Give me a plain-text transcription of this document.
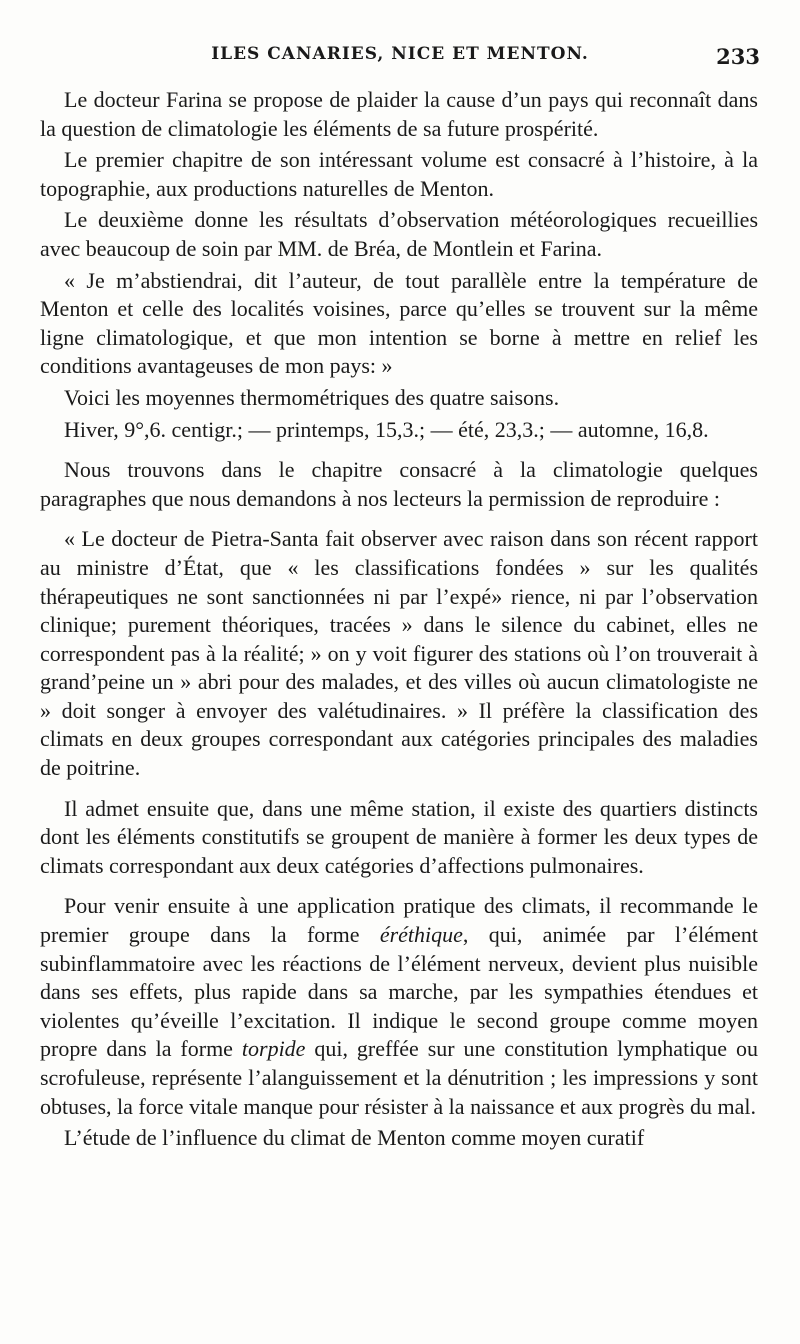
ILES CANARIES, NICE ET MENTON.	233

Le docteur Farina se propose de plaider la cause d’un pays qui reconnaît dans la question de climatologie les éléments de sa future prospérité.

Le premier chapitre de son intéressant volume est consacré à l’histoire, à la topographie, aux productions naturelles de Menton.

Le deuxième donne les résultats d’observation météorologiques recueillies avec beaucoup de soin par MM. de Bréa, de Montlein et Farina.

« Je m’abstiendrai, dit l’auteur, de tout parallèle entre la température de Menton et celle des localités voisines, parce qu’elles se trouvent sur la même ligne climatologique, et que mon intention se borne à mettre en relief les conditions avantageuses de mon pays: »

Voici les moyennes thermométriques des quatre saisons.

Hiver, 9°,6. centigr.; — printemps, 15,3.; — été, 23,3.; — automne, 16,8.

Nous trouvons dans le chapitre consacré à la climatologie quelques paragraphes que nous demandons à nos lecteurs la permission de reproduire :

« Le docteur de Pietra-Santa fait observer avec raison dans son récent rapport au ministre d’État, que « les classifications fondées » sur les qualités thérapeutiques ne sont sanctionnées ni par l’expé» rience, ni par l’observation clinique; purement théoriques, tracées » dans le silence du cabinet, elles ne correspondent pas à la réalité; » on y voit figurer des stations où l’on trouverait à grand’peine un » abri pour des malades, et des villes où aucun climatologiste ne » doit songer à envoyer des valétudinaires. » Il préfère la classification des climats en deux groupes correspondant aux catégories principales des maladies de poitrine.

Il admet ensuite que, dans une même station, il existe des quartiers distincts dont les éléments constitutifs se groupent de manière à former les deux types de climats correspondant aux deux catégories d’affections pulmonaires.

Pour venir ensuite à une application pratique des climats, il recommande le premier groupe dans la forme éréthique, qui, animée par l’élément subinflammatoire avec les réactions de l’élément nerveux, devient plus nuisible dans ses effets, plus rapide dans sa marche, par les sympathies étendues et violentes qu’éveille l’excitation. Il indique le second groupe comme moyen propre dans la forme torpide qui, greffée sur une constitution lymphatique ou scrofuleuse, représente l’alanguissement et la dénutrition ; les impressions y sont obtuses, la force vitale manque pour résister à la naissance et aux progrès du mal.

L’étude de l’influence du climat de Menton comme moyen curatif
